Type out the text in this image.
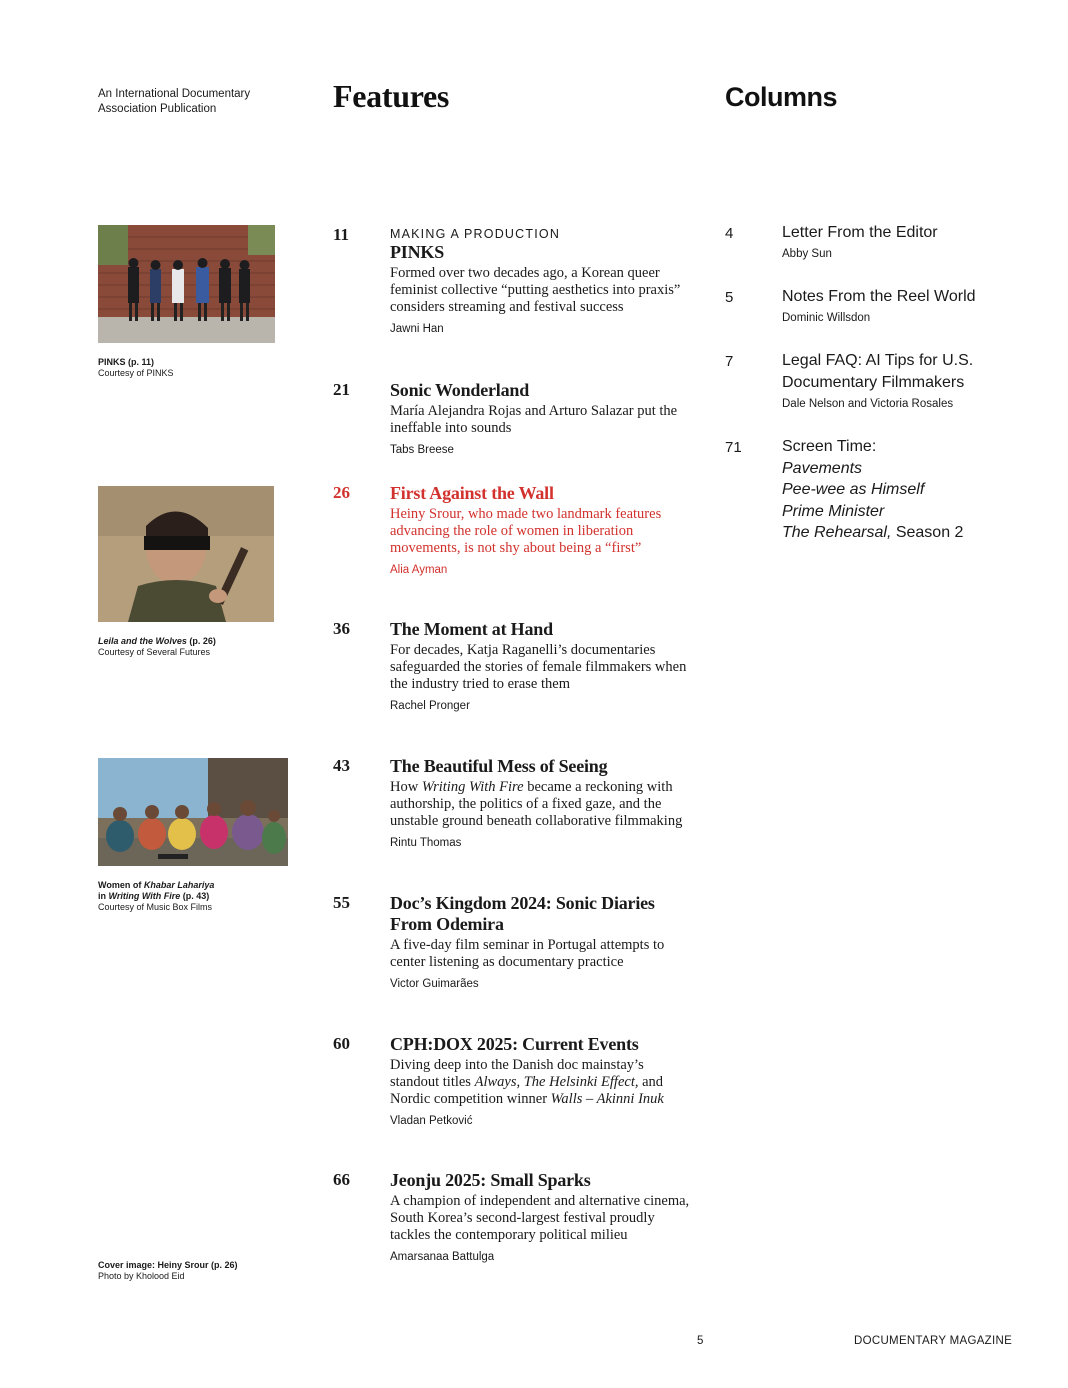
An International Documentary Association Publication	Features	Columns
PINKS (p. 11)
Courtesy of PINKS
Leila and the Wolves (p. 26)
Courtesy of Several Futures
Women of Khabar Lahariya
in Writing With Fire (p. 43)
Courtesy of Music Box Films
Cover image: Heiny Srour (p. 26)
Photo by Kholood Eid
11	MAKING A PRODUCTION
PINKS
Formed over two decades ago, a Korean queer feminist collective “putting aesthetics into praxis” considers streaming and festival success
Jawni Han
21 Sonic Wonderland
María Alejandra Rojas and Arturo Salazar put the ineffable into sounds
Tabs Breese
26 First Against the Wall
Heiny Srour, who made two landmark features advancing the role of women in liberation movements, is not shy about being a “first”
Alia Ayman
36 The Moment at Hand
For decades, Katja Raganelli’s documentaries safeguarded the stories of female filmmakers when the industry tried to erase them
Rachel Pronger
43 The Beautiful Mess of Seeing
How Writing With Fire became a reckoning with authorship, the politics of a fixed gaze, and the unstable ground beneath collaborative filmmaking
Rintu Thomas
55 Doc’s Kingdom 2024: Sonic Diaries From Odemira
A five-day film seminar in Portugal attempts to center listening as documentary practice
Victor Guimarães
60 CPH:DOX 2025: Current Events
Diving deep into the Danish doc mainstay’s standout titles Always, The Helsinki Effect, and Nordic competition winner Walls – Akinni Inuk
Vladan Petković
66 Jeonju 2025: Small Sparks
A champion of independent and alternative cinema, South Korea’s second-largest festival proudly tackles the contemporary political milieu
Amarsanaa Battulga
4	Letter From the Editor
Abby Sun
5	Notes From the Reel World
Dominic Willsdon
7	Legal FAQ: AI Tips for U.S. Documentary Filmmakers
Dale Nelson and Victoria Rosales
71	Screen Time:
Pavements
Pee-wee as Himself
Prime Minister
The Rehearsal, Season 2
5	DOCUMENTARY MAGAZINE
